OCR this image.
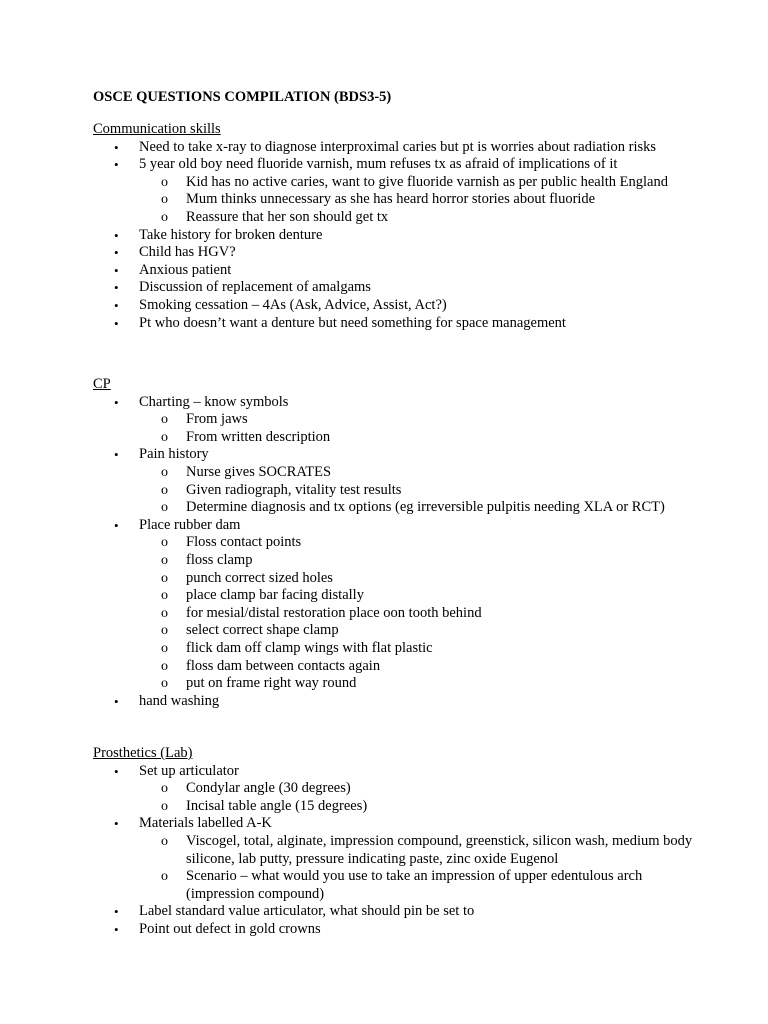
OSCE QUESTIONS COMPILATION (BDS3-5)
Communication skills
• Need to take x-ray to diagnose interproximal caries but pt is worries about radiation risks
• 5 year old boy need fluoride varnish, mum refuses tx as afraid of implications of it
o Kid has no active caries, want to give fluoride varnish as per public health England
o Mum thinks unnecessary as she has heard horror stories about fluoride
o Reassure that her son should get tx
• Take history for broken denture
• Child has HGV?
• Anxious patient
• Discussion of replacement of amalgams
• Smoking cessation – 4As (Ask, Advice, Assist, Act?)
• Pt who doesn’t want a denture but need something for space management
CP
• Charting – know symbols
o From jaws
o From written description
• Pain history
o Nurse gives SOCRATES
o Given radiograph, vitality test results
o Determine diagnosis and tx options (eg irreversible pulpitis needing XLA or RCT)
• Place rubber dam
o Floss contact points
o floss clamp
o punch correct sized holes
o place clamp bar facing distally
o for mesial/distal restoration place oon tooth behind
o select correct shape clamp
o flick dam off clamp wings with flat plastic
o floss dam between contacts again
o put on frame right way round
• hand washing
Prosthetics (Lab)
• Set up articulator
o Condylar angle (30 degrees)
o Incisal table angle (15 degrees)
• Materials labelled A-K
o Viscogel, total, alginate, impression compound, greenstick, silicon wash, medium body silicone, lab putty, pressure indicating paste, zinc oxide Eugenol
o Scenario – what would you use to take an impression of upper edentulous arch (impression compound)
• Label standard value articulator, what should pin be set to
• Point out defect in gold crowns
